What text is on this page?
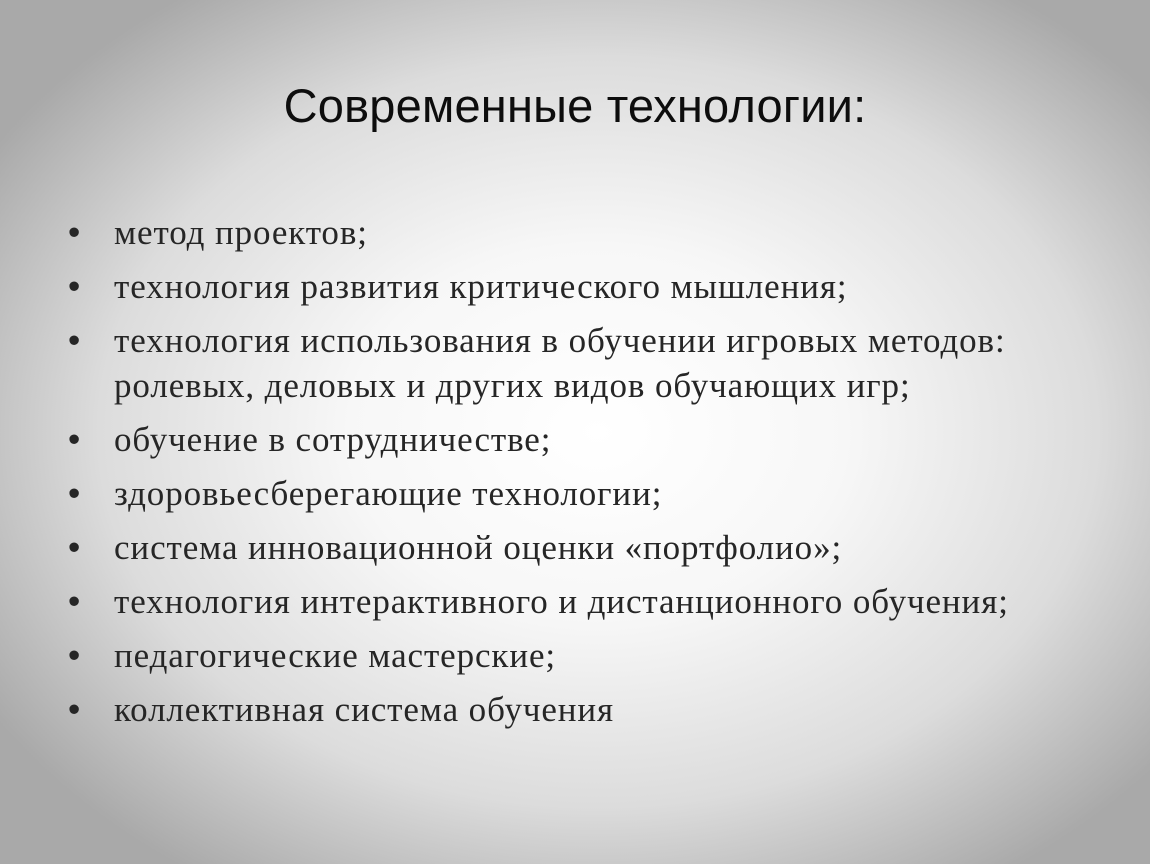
Современные технологии:
• метод проектов;
• технология развития критического мышления;
• технология использования в обучении игровых методов: ролевых, деловых и других видов обучающих игр;
• обучение в сотрудничестве;
• здоровьесберегающие технологии;
• система инновационной оценки «портфолио»;
• технология интерактивного и дистанционного обучения;
• педагогические мастерские;
• коллективная система обучения
